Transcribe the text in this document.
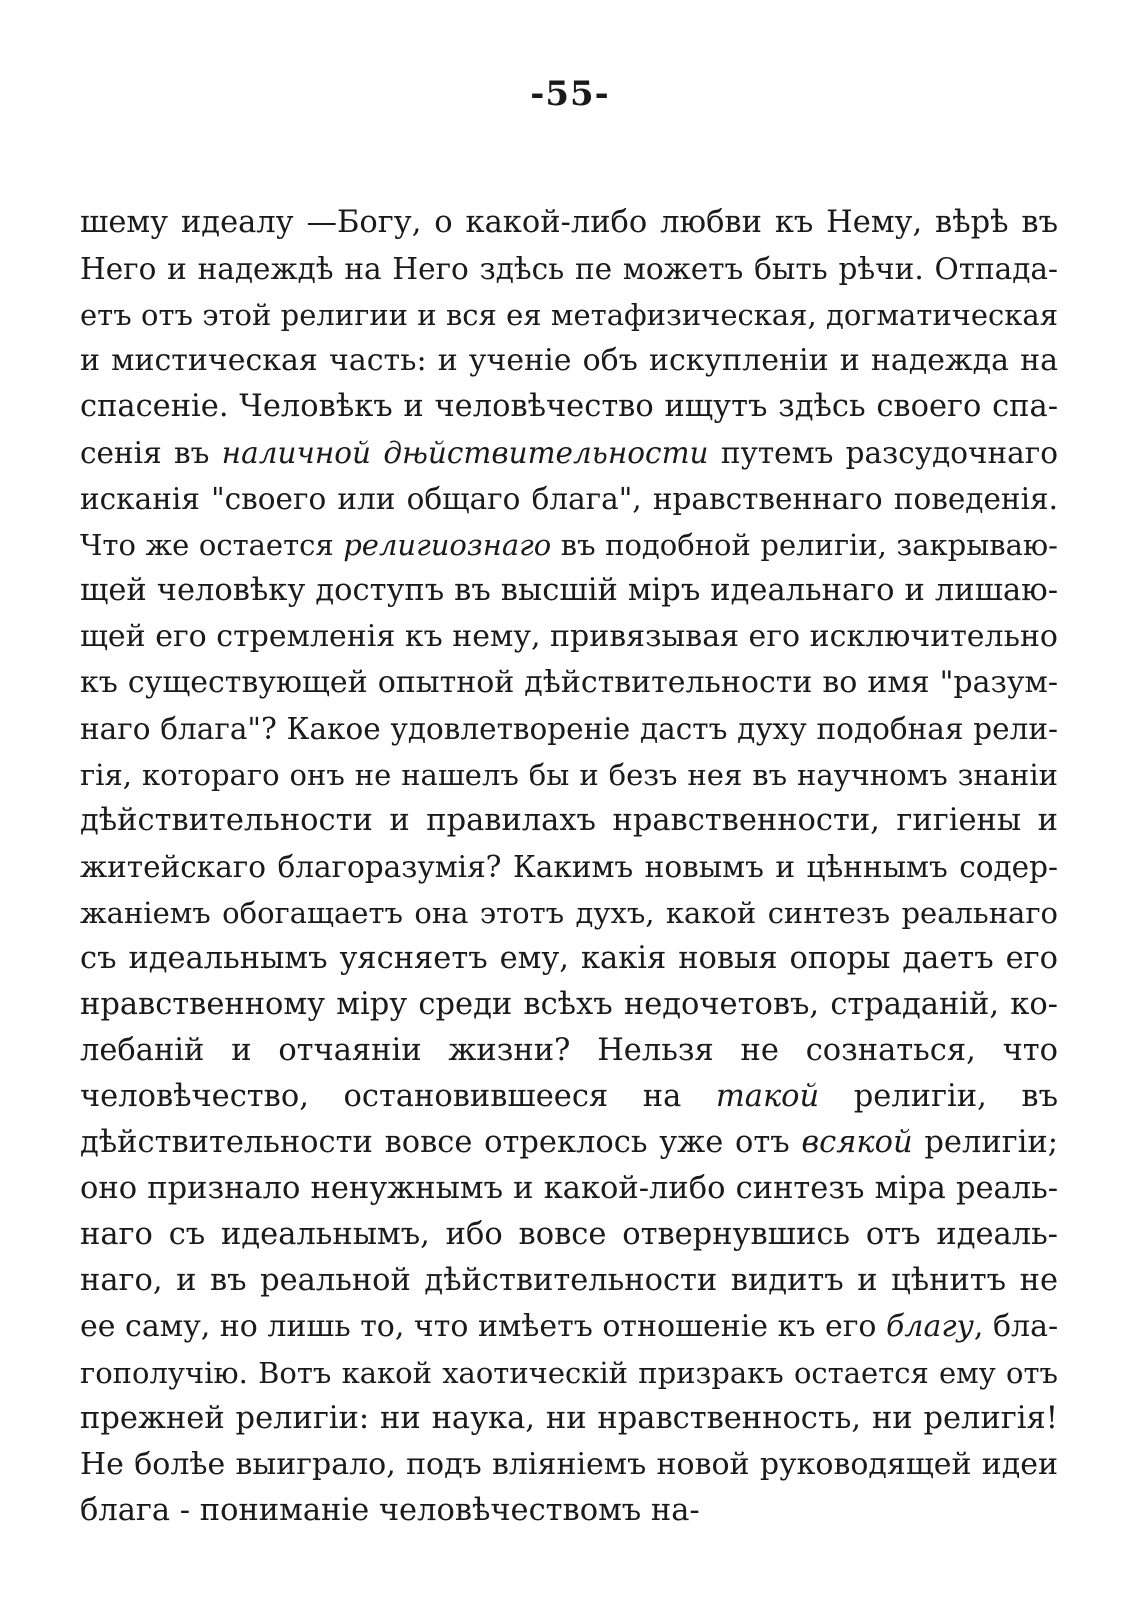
-55-
шему идеалу —Богу, о какой-либо любви къ Нему, вѣрѣ въ
Него и надеждѣ на Него здѣсь пе можетъ быть рѣчи. Отпада-
етъ отъ этой религии и вся ея метафизическая, догматическая
и мистическая часть: и ученіе объ искупленіи и надежда на
спасеніе. Человѣкъ и человѣчество ищутъ здѣсь своего спа-
сенія въ наличной дњйствительности путемъ разсудочнаго
исканія "своего или общаго блага", нравственнаго поведенія.
Что же остается религиознаго въ подобной религіи, закрываю-
щей человѣку доступъ въ высшій міръ идеальнаго и лишаю-
щей его стремленія къ нему, привязывая его исключительно
къ существующей опытной дѣйствительности во имя "разум-
наго блага"? Какое удовлетвореніе дастъ духу подобная рели-
гія, котораго онъ не нашелъ бы и безъ нея въ научномъ знаніи
дѣйствительности и правилахъ нравственности, гигіены и
житейскаго благоразумія? Какимъ новымъ и цѣннымъ содер-
жаніемъ обогащаетъ она этотъ духъ, какой синтезъ реальнаго
съ идеальнымъ уясняетъ ему, какія новыя опоры даетъ его
нравственному міру среди всѣхъ недочетовъ, страданій, ко-
лебаній и отчаяніи жизни? Нельзя не сознаться, что
человѣчество, остановившееся на такой религіи, въ
дѣйствительности вовсе отреклось уже отъ всякой религіи;
оно признало ненужнымъ и какой-либо синтезъ міра реаль-
наго съ идеальнымъ, ибо вовсе отвернувшись отъ идеаль-
наго, и въ реальной дѣйствительности видитъ и цѣнитъ не
ее саму, но лишь то, что имѣетъ отношеніе къ его благу, бла-
гополучію. Вотъ какой хаотическій призракъ остается ему отъ
прежней религіи: ни наука, ни нравственность, ни религія!
Не болѣе выиграло, подъ вліяніемъ новой руководящей идеи
блага - пониманіе человѣчествомъ на-
